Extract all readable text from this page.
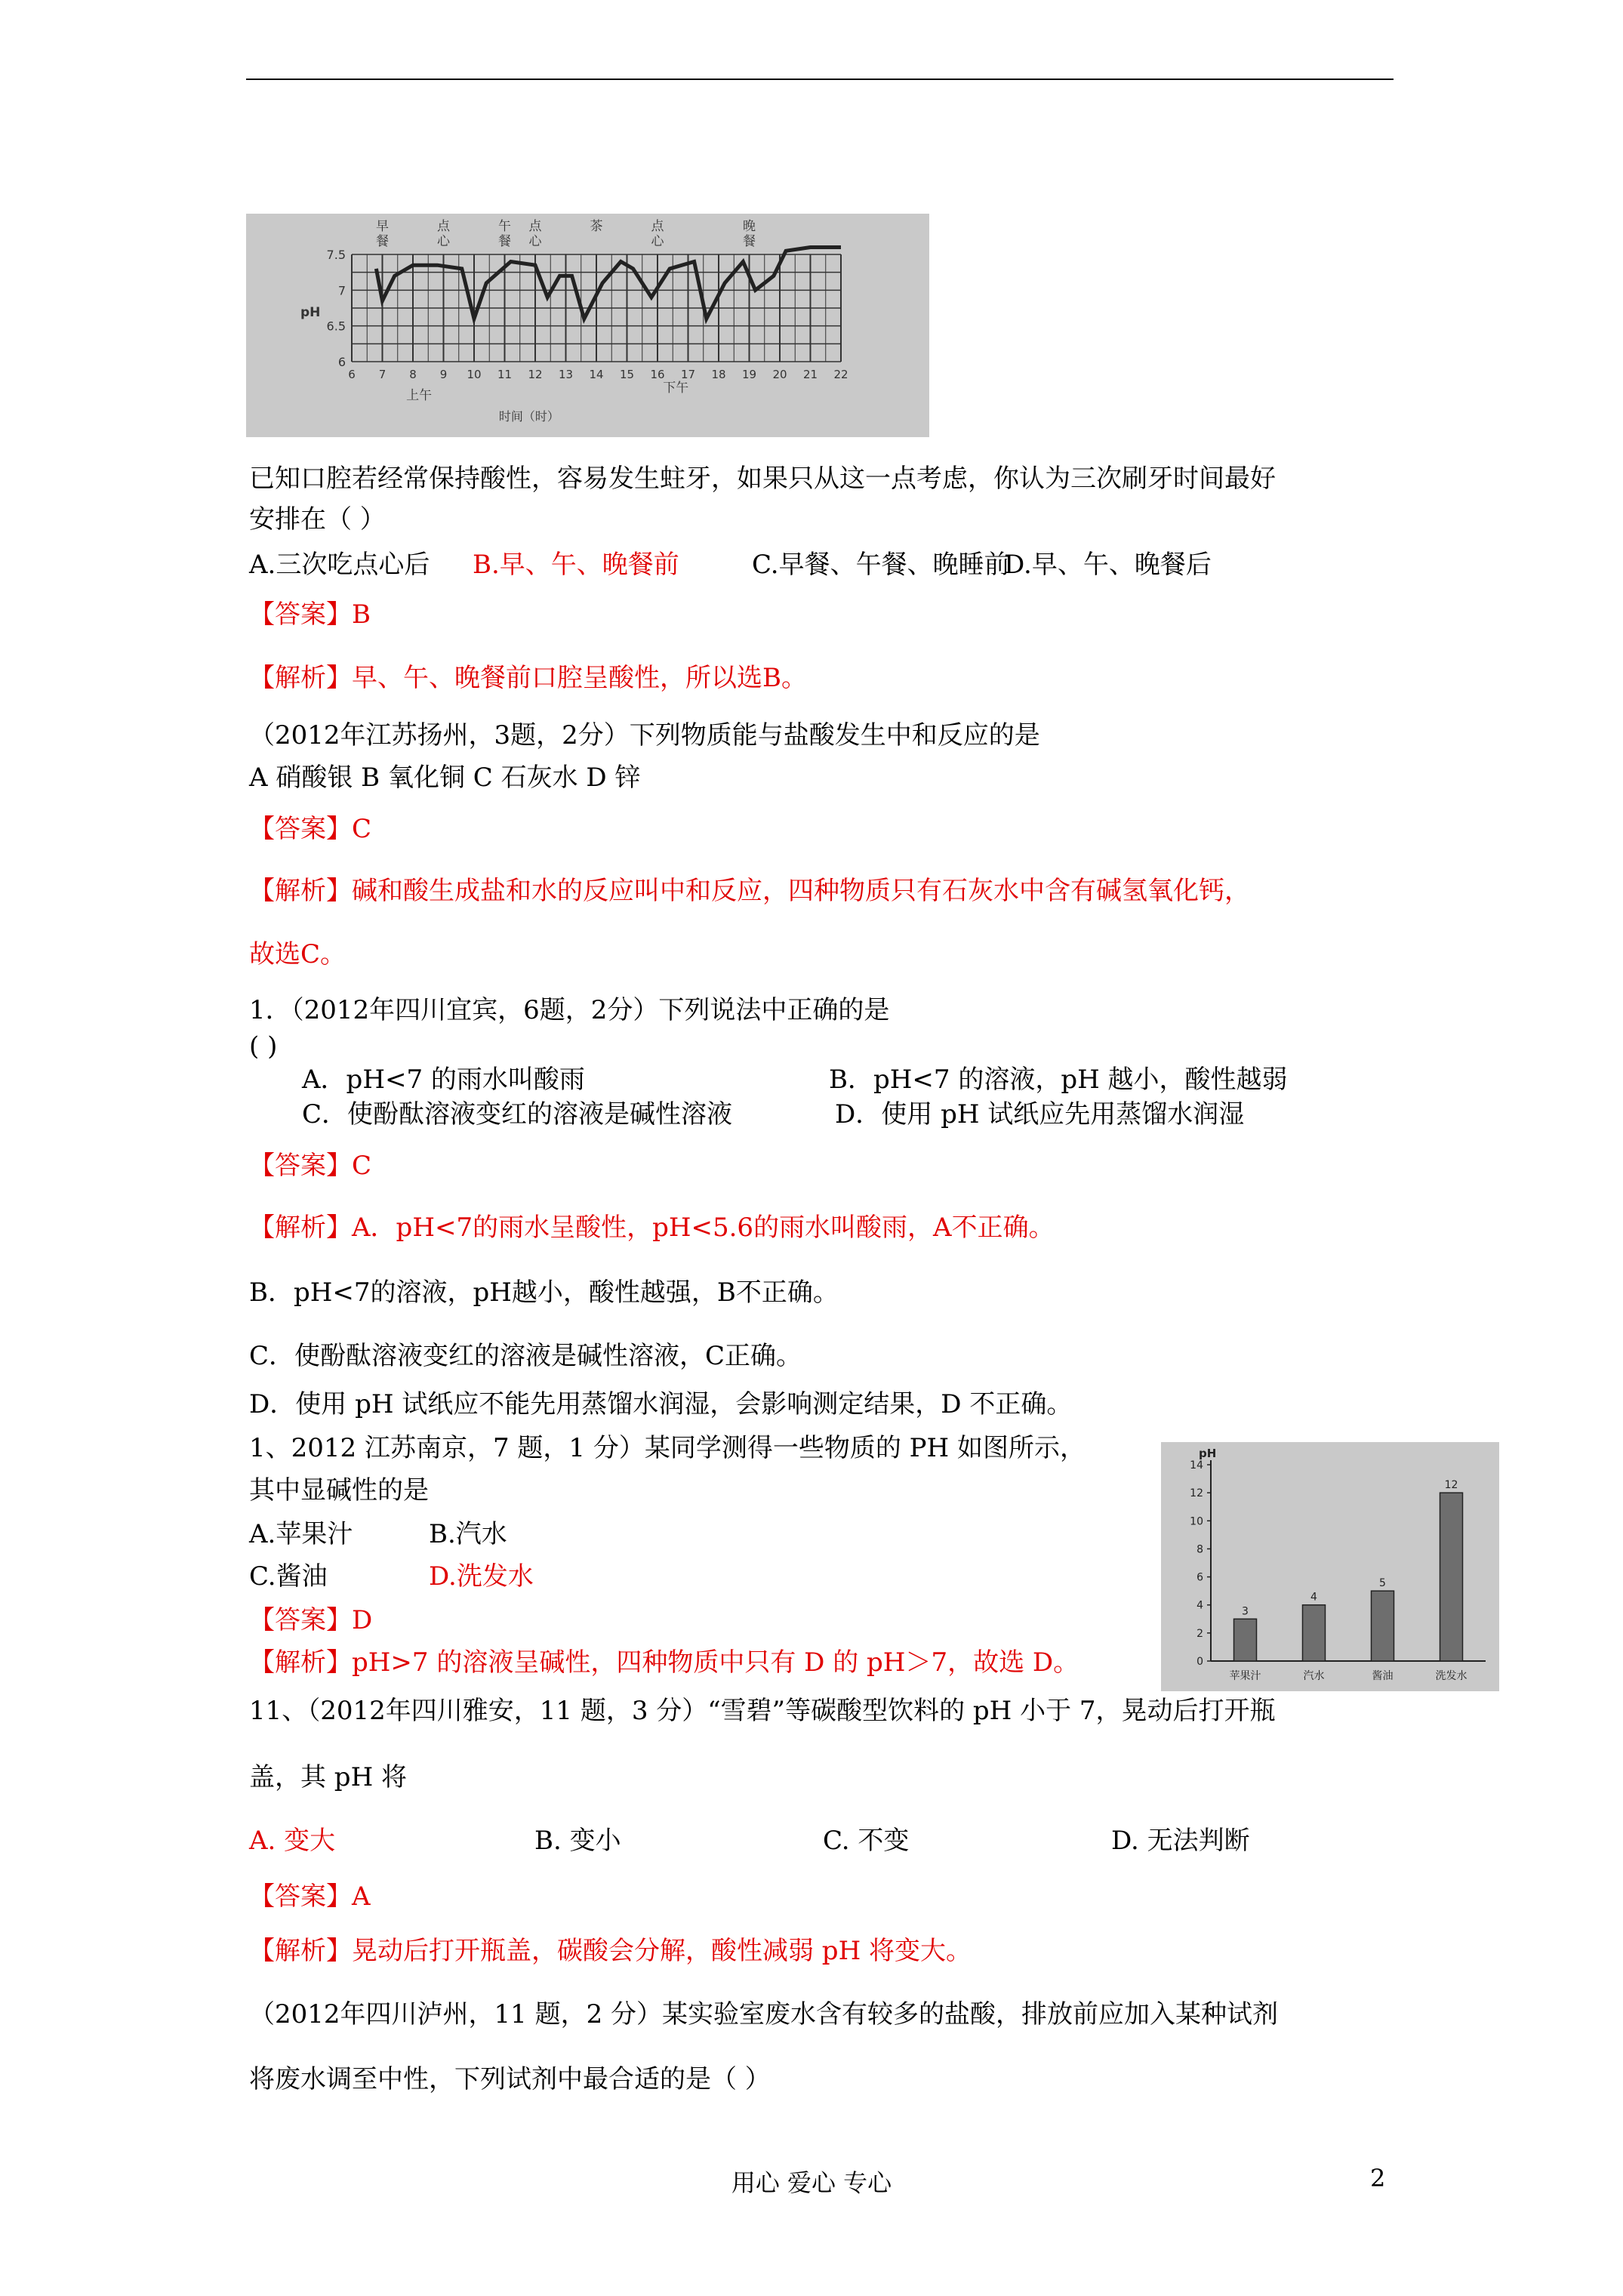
早
餐
点
心
午
餐
点
心
茶	点
心
晚
餐
7.5
7
6.5
6
pH
6 7 8 9 10 11 12 13 14 15 16 17 18 19 20 21 22
上午	下午
时间（时）
已知口腔若经常保持酸性，容易发生蛀牙，如果只从这一点考虑，你认为三次刷牙时间最好
安排在（ ）
A.三次吃点心后 B.早、午、晚餐前	C.早餐、午餐、晚睡前
D.早、午、晚餐后
【答案】B
【解析】早、午、晚餐前口腔呈酸性，所以选B。
（2012年江苏扬州，3题，2分）下列物质能与盐酸发生中和反应的是
A 硝酸银 B 氧化铜 C 石灰水 D 锌
【答案】C
【解析】碱和酸生成盐和水的反应叫中和反应，四种物质只有石灰水中含有碱氢氧化钙，
故选C。
1．（2012年四川宜宾，6题，2分）下列说法中正确的是
( )
A．pH<7 的雨水叫酸雨	B．pH<7 的溶液，pH 越小，酸性越弱
C．使酚酞溶液变红的溶液是碱性溶液	D．使用 pH 试纸应先用蒸馏水润湿
【答案】C
【解析】A．pH<7的雨水呈酸性，pH<5.6的雨水叫酸雨，A不正确。
B．pH<7的溶液，pH越小，酸性越强，B不正确。
C．使酚酞溶液变红的溶液是碱性溶液，C正确。
D．使用 pH 试纸应不能先用蒸馏水润湿，会影响测定结果，D 不正确。
1、2012 江苏南京，7 题，1 分）某同学测得一些物质的 PH 如图所示，
其中显碱性的是
A.苹果汁	B.汽水
C.酱油	D.洗发水
【答案】D
【解析】pH>7 的溶液呈碱性，四种物质中只有 D 的 pH＞7，故选 D。
pH
14
12
10
8
6
4
2
0
3
苹果汁
4
汽水
5
酱油
12
洗发水
11、（2012年四川雅安，11 题，3 分）“雪碧”等碳酸型饮料的 pH 小于 7，晃动后打开瓶
盖，其 pH 将
A. 变大	B. 变小	C. 不变	D. 无法判断
【答案】A
【解析】晃动后打开瓶盖，碳酸会分解，酸性减弱 pH 将变大。
（2012年四川泸州，11 题，2 分）某实验室废水含有较多的盐酸，排放前应加入某种试剂
将废水调至中性，下列试剂中最合适的是（ ）
用心 爱心 专心	2
